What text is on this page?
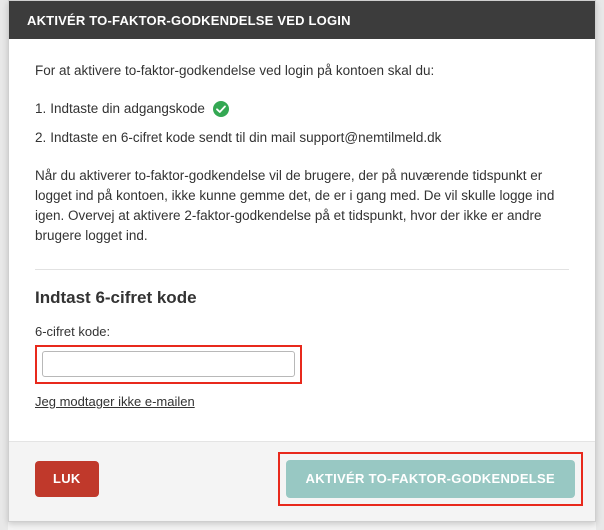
AKTIVÉR TO-FAKTOR-GODKENDELSE VED LOGIN

For at aktivere to-faktor-godkendelse ved login på kontoen skal du:

1. Indtaste din adgangskode
2. Indtaste en 6-cifret kode sendt til din mail support@nemtilmeld.dk

Når du aktiverer to-faktor-godkendelse vil de brugere, der på nuværende tidspunkt er logget ind på kontoen, ikke kunne gemme det, de er i gang med. De vil skulle logge ind igen. Overvej at aktivere 2-faktor-godkendelse på et tidspunkt, hvor der ikke er andre brugere logget ind.

Indtast 6-cifret kode
6-cifret kode:
Jeg modtager ikke e-mailen
LUK	AKTIVÉR TO-FAKTOR-GODKENDELSE
